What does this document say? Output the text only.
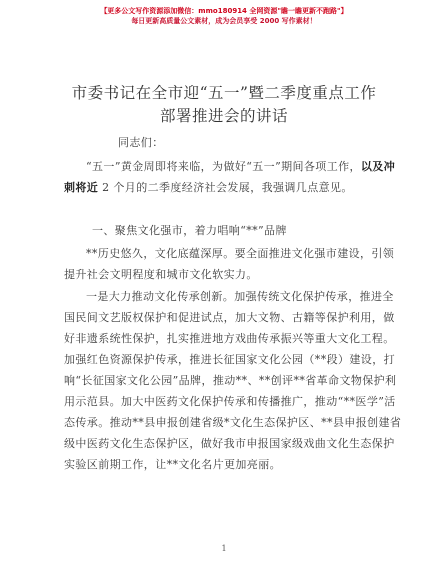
【更多公文写作资源添加微信：mmo180914 全网资源"瞻一瞻更新不跑路"】
每日更新高质量公文素材，成为会员享受 2000 写作素材！
市委书记在全市迎“五一”暨二季度重点工作
部署推进会的讲话
同志们：
“五一”黄金周即将来临，为做好“五一”期间各项工作，以及冲刺将近 2 个月的二季度经济社会发展，我强调几点意见。
一、聚焦文化强市，着力唱响“**”品牌
**历史悠久，文化底蕴深厚。要全面推进文化强市建设，引领提升社会文明程度和城市文化软实力。
一是大力推动文化传承创新。加强传统文化保护传承，推进全国民间文艺版权保护和促进试点，加大文物、古籍等保护利用，做好非遗系统性保护，扎实推进地方戏曲传承振兴等重大文化工程。加强红色资源保护传承，推进长征国家文化公园（**段）建设，打响“长征国家文化公园”品牌，推动**、**创评**省革命文物保护利用示范县。加大中医药文化保护传承和传播推广，推动“**医学”活态传承。推动**县申报创建省级*文化生态保护区、**县申报创建省级中医药文化生态保护区，做好我市申报国家级戏曲文化生态保护实验区前期工作，让**文化名片更加亮丽。
1
